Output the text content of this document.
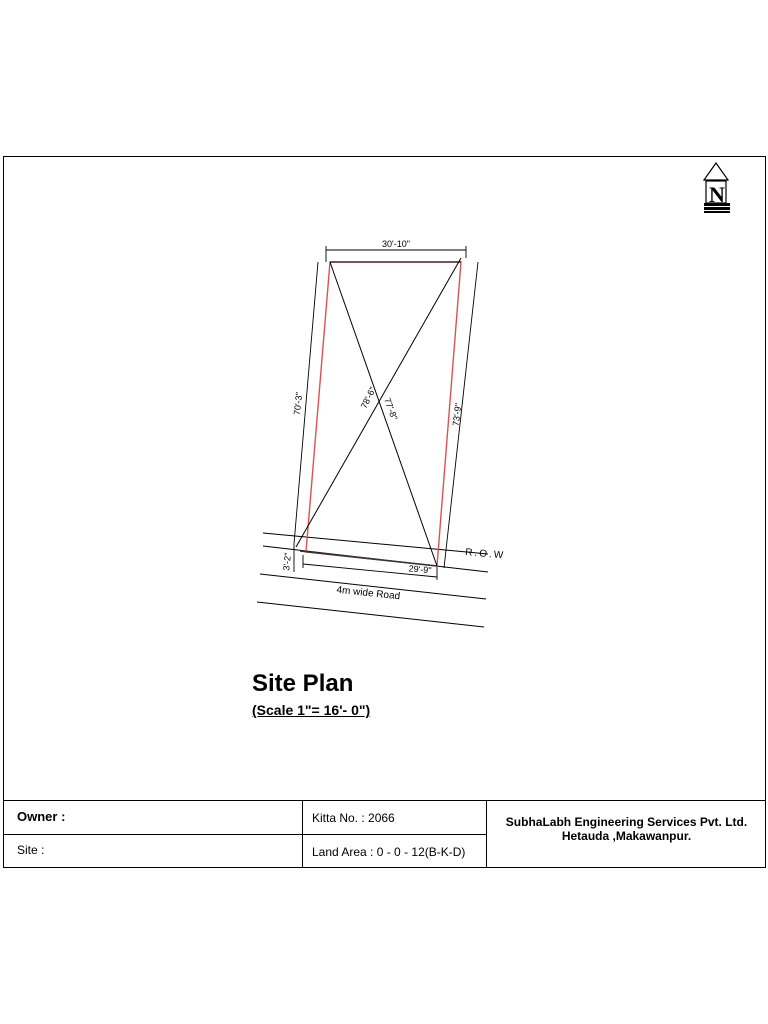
N
30'-10"
29'-9"
70'-3"	73'-9"
78'-6" 77'-8"
3'-2"	R.O.W
4m wide Road
Site Plan
(Scale 1"= 16'- 0")
Owner :
Site :
Kitta No. : 2066
Land Area : 0 - 0 - 12(B-K-D)
SubhaLabh Engineering Services Pvt. Ltd.
Hetauda ,Makawanpur.
